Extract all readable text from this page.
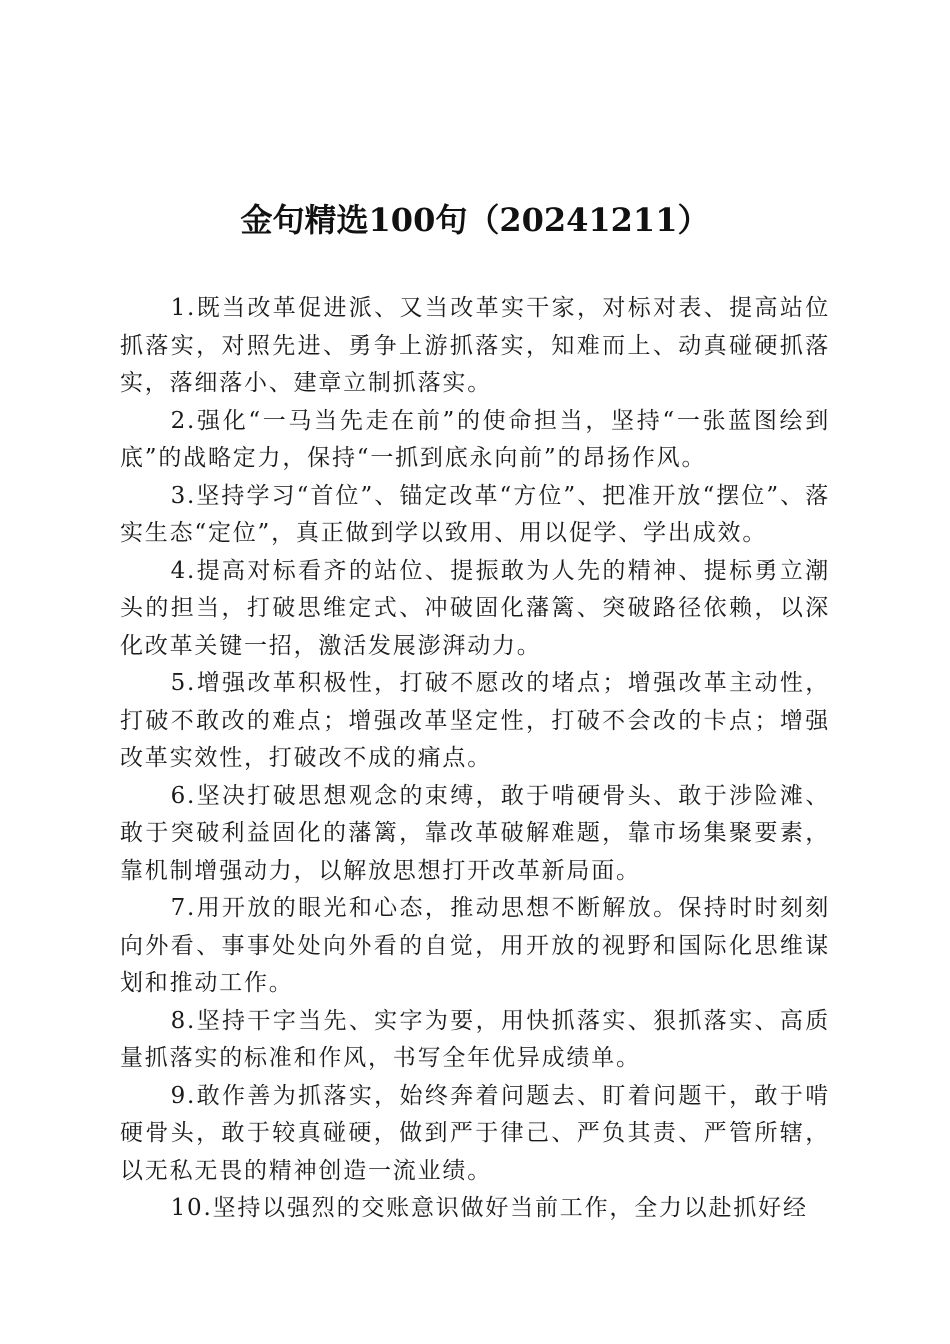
金句精选100句（20241211）

1.既当改革促进派、又当改革实干家，对标对表、提高站位抓落实，对照先进、勇争上游抓落实，知难而上、动真碰硬抓落实，落细落小、建章立制抓落实。

2.强化“一马当先走在前”的使命担当，坚持“一张蓝图绘到底”的战略定力，保持“一抓到底永向前”的昂扬作风。

3.坚持学习“首位”、锚定改革“方位”、把准开放“摆位”、落实生态“定位”，真正做到学以致用、用以促学、学出成效。

4.提高对标看齐的站位、提振敢为人先的精神、提标勇立潮头的担当，打破思维定式、冲破固化藩篱、突破路径依赖，以深化改革关键一招，激活发展澎湃动力。

5.增强改革积极性，打破不愿改的堵点；增强改革主动性，打破不敢改的难点；增强改革坚定性，打破不会改的卡点；增强改革实效性，打破改不成的痛点。

6.坚决打破思想观念的束缚，敢于啃硬骨头、敢于涉险滩、敢于突破利益固化的藩篱，靠改革破解难题，靠市场集聚要素，靠机制增强动力，以解放思想打开改革新局面。

7.用开放的眼光和心态，推动思想不断解放。保持时时刻刻向外看、事事处处向外看的自觉，用开放的视野和国际化思维谋划和推动工作。

8.坚持干字当先、实字为要，用快抓落实、狠抓落实、高质量抓落实的标准和作风，书写全年优异成绩单。

9.敢作善为抓落实，始终奔着问题去、盯着问题干，敢于啃硬骨头，敢于较真碰硬，做到严于律己、严负其责、严管所辖，以无私无畏的精神创造一流业绩。

10.坚持以强烈的交账意识做好当前工作，全力以赴抓好经
